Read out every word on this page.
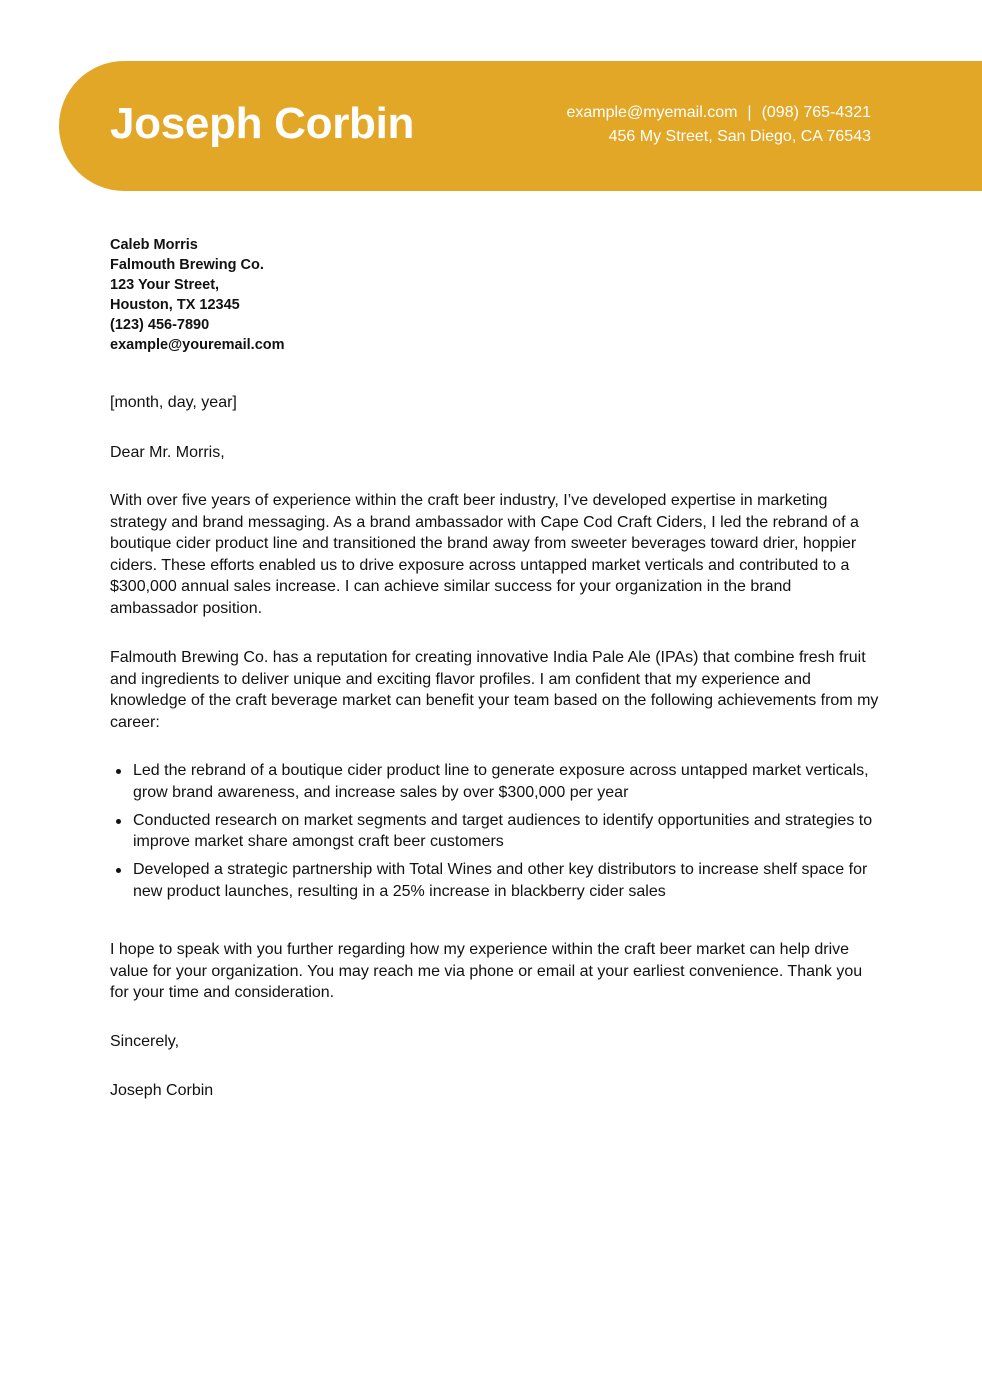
Joseph Corbin	example@myemail.com | (098) 765-4321
456 My Street, San Diego, CA 76543
Caleb Morris
Falmouth Brewing Co.
123 Your Street,
Houston, TX 12345
(123) 456-7890
example@youremail.com
[month, day, year]
Dear Mr. Morris,
With over five years of experience within the craft beer industry, I’ve developed expertise in marketing strategy and brand messaging. As a brand ambassador with Cape Cod Craft Ciders, I led the rebrand of a boutique cider product line and transitioned the brand away from sweeter beverages toward drier, hoppier ciders. These efforts enabled us to drive exposure across untapped market verticals and contributed to a $300,000 annual sales increase. I can achieve similar success for your organization in the brand ambassador position.
Falmouth Brewing Co. has a reputation for creating innovative India Pale Ale (IPAs) that combine fresh fruit and ingredients to deliver unique and exciting flavor profiles. I am confident that my experience and knowledge of the craft beverage market can benefit your team based on the following achievements from my career:
Led the rebrand of a boutique cider product line to generate exposure across untapped market verticals, grow brand awareness, and increase sales by over $300,000 per year
Conducted research on market segments and target audiences to identify opportunities and strategies to improve market share amongst craft beer customers
Developed a strategic partnership with Total Wines and other key distributors to increase shelf space for new product launches, resulting in a 25% increase in blackberry cider sales
I hope to speak with you further regarding how my experience within the craft beer market can help drive value for your organization. You may reach me via phone or email at your earliest convenience. Thank you for your time and consideration.
Sincerely,
Joseph Corbin
